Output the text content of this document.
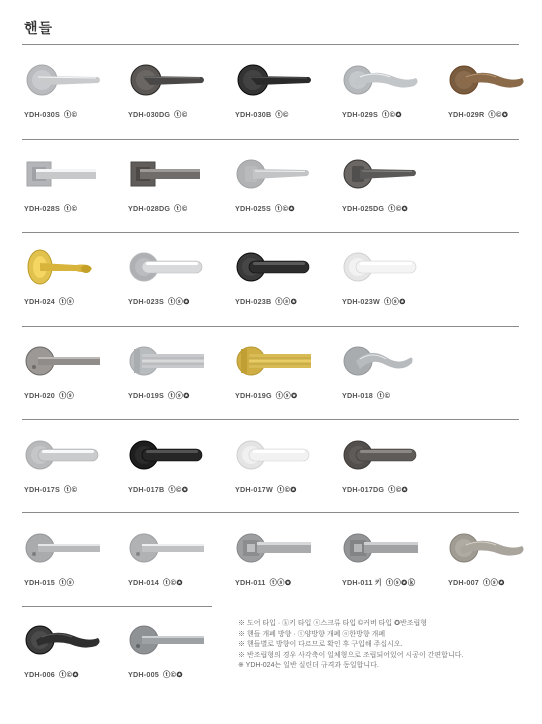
핸들
YDH-030S ⓣ©	YDH-030DG ⓣ©	YDH-030B ⓣ©	YDH-029S ⓣ©✪	YDH-029R ⓣ©✪
YDH-028S ⓣ©	YDH-028DG ⓣ©	YDH-025S ⓣ©✪	YDH-025DG ⓣ©✪
YDH-024 ⓣⓢ	YDH-023S ⓣⓢ✪	YDH-023B ⓣⓢ✪	YDH-023W ⓣⓢ✪
YDH-020 ⓣⓢ	YDH-019S ⓣⓢ✪	YDH-019G ⓣⓢ✪	YDH-018 ⓣ©
YDH-017S ⓣ©	YDH-017B ⓣ©✪	YDH-017W ⓣ©✪	YDH-017DG ⓣ©✪
YDH-015 ⓣⓢ	YDH-014 ⓣ©✪	YDH-011 ⓣⓢ✪	YDH-011 키 ⓣⓢ✪ⓚ	YDH-007 ⓣⓢ✪
YDH-006 ⓣ©✪	YDH-005 ⓣ©✪
※ 도어 타입 · ⓚ키 타입 ⓢ스크류 타입 ©커버 타입 ✪반조립형
※ 핸들 개폐 방향 · ⓣ양방향 개폐 ⓞ한방향 개폐
※ 핸들별로 방향이 다르므로 확인 후 구입해 주십시오.
※ 반조립형의 경우 사각축이 일체형으로 조립되어있어 시공이 간편합니다.
※ YDH-024는 일반 실린더 규격과 동일합니다.
